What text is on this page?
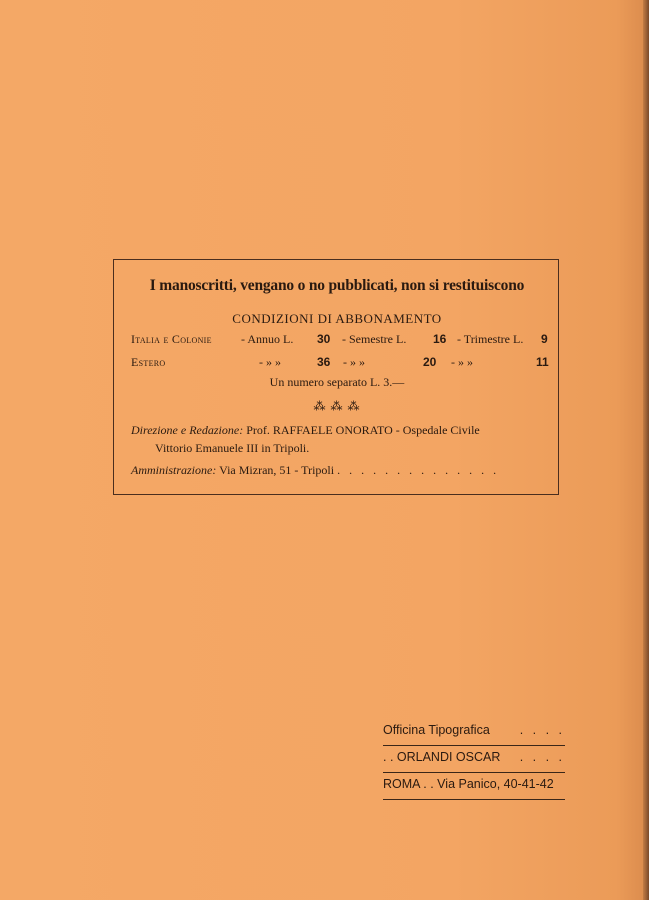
I manoscritti, vengano o no pubblicati, non si restituiscono
CONDIZIONI DI ABBONAMENTO
Italia e Colonie - Annuo L. 30 - Semestre L. 16 - Trimestre L. 9
Estero	- » »	36 - » »	20 - » »	11
Un numero separato L. 3.—
⁂ ⁂ ⁂
Direzione e Redazione: Prof. RAFFAELE ONORATO - Ospedale Civile
Vittorio Emanuele III in Tripoli.
Amministrazione: Via Mizran, 51 - Tripoli . . . . . . . . . . . . . .
Officina Tipografica . . . .
. . ORLANDI OSCAR . . . .
ROMA . . Via Panico, 40-41-42
